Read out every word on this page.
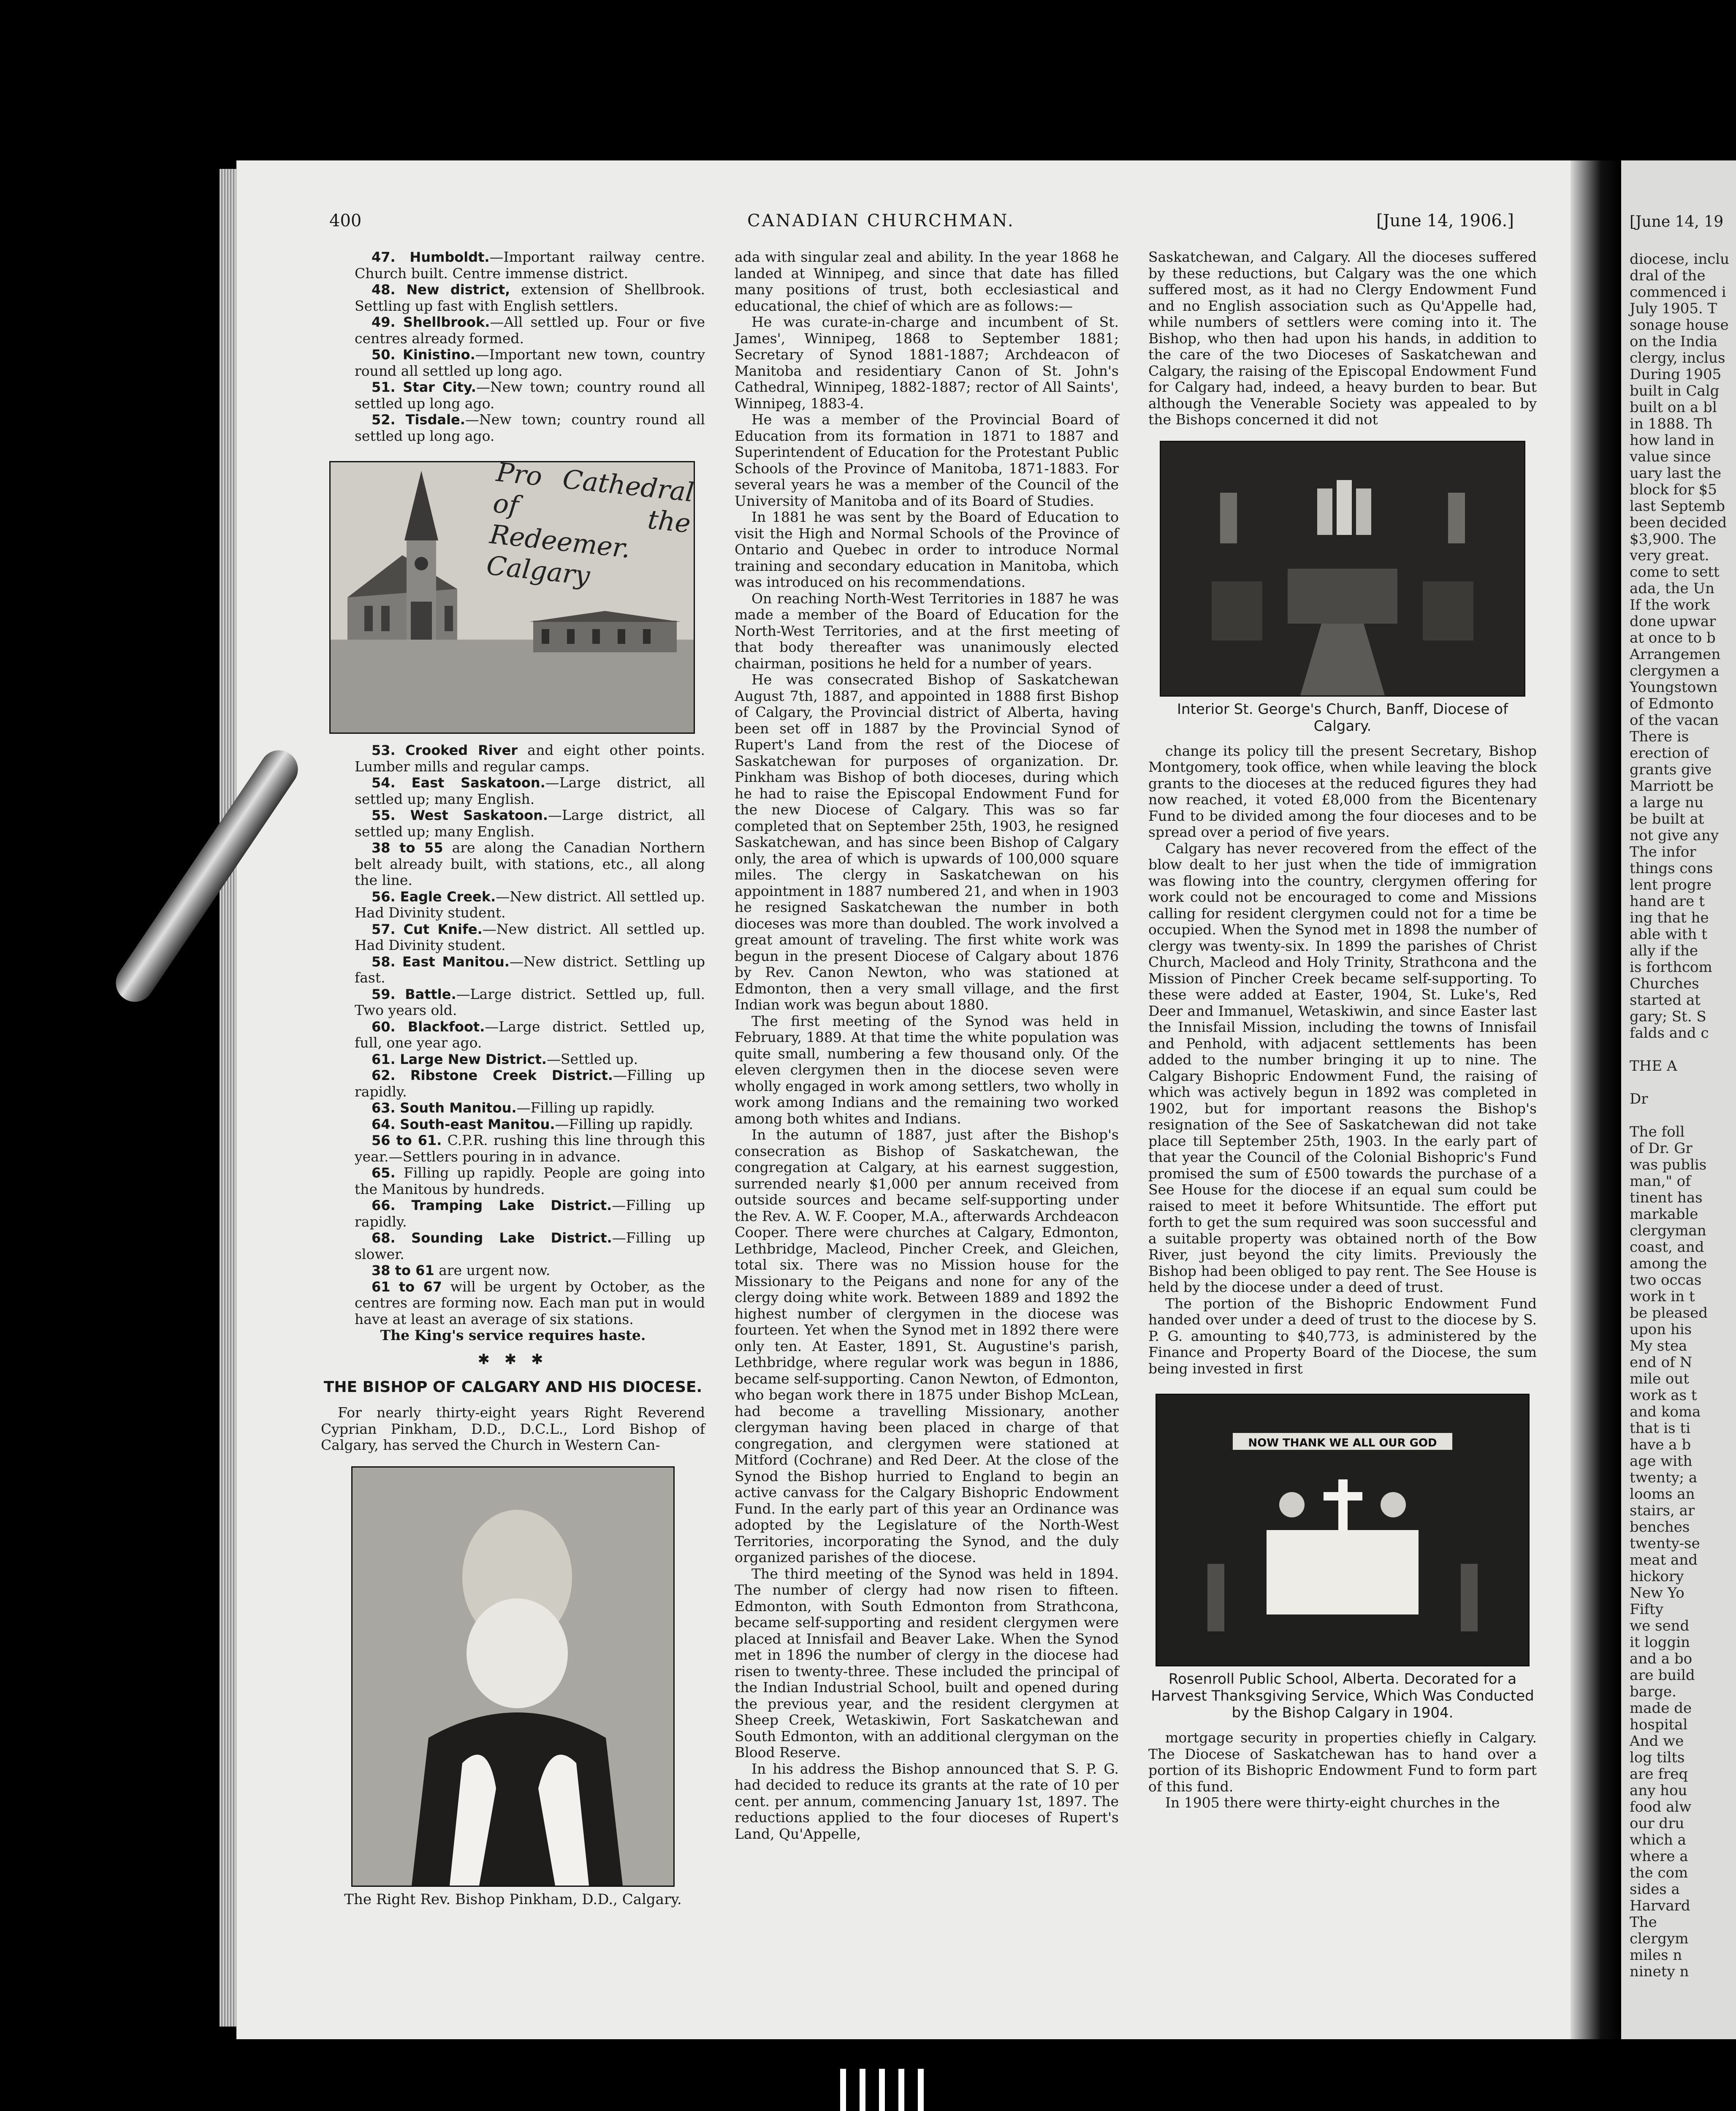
[June 14, 19
diocese, inclu
dral of the
commenced i
July 1905. T
sonage house
on the India
clergy, inclus
During 1905
built in Calg
built on a bl
in 1888. Th
how land in
value since
uary last the
block for $5
last Septemb
been decided
$3,900. The
very great.
come to sett
ada, the Un
If the work
done upwar
at once to b
Arrangemen
clergymen a
Youngstown
of Edmonto
of the vacan
There is
erection of
grants give
Marriott be
a large nu
be built at
not give any
The infor
things cons
lent progre
hand are t
ing that he
able with t
ally if the
is forthcom
Churches
started at
gary; St. S
falds and c

THE A

Dr

The foll
of Dr. Gr
was publis
man," of
tinent has
markable
clergyman
coast, and
among the
two occas
work in t
be pleased
upon his
My stea
end of N
mile out
work as t
and koma
that is ti
have a b
age with
twenty; a
looms an
stairs, ar
benches
twenty-se
meat and
hickory
New Yo
Fifty
we send
it loggin
and a bo
are build
barge.
made de
hospital
And we
log tilts
are freq
any hou
food alw
our dru
which a
where a
the com
sides a
Harvard
The
clergym
miles n
ninety n
400	CANADIAN CHURCHMAN.	[June 14, 1906.]

47. Humboldt.—Important railway centre. Church built. Centre immense district.

48. New district, extension of Shellbrook. Settling up fast with English settlers.

49. Shellbrook.—All settled up. Four or five centres already formed.

50. Kinistino.—Important new town, country round all settled up long ago.

51. Star City.—New town; country round all settled up long ago.

52. Tisdale.—New town; country round all settled up long ago.

Pro Cathedral of the Redeemer. Calgary

53. Crooked River and eight other points. Lumber mills and regular camps.

54. East Saskatoon.—Large district, all settled up; many English.

55. West Saskatoon.—Large district, all settled up; many English.

38 to 55 are along the Canadian Northern belt already built, with stations, etc., all along the line.

56. Eagle Creek.—New district. All settled up. Had Divinity student.

57. Cut Knife.—New district. All settled up. Had Divinity student.

58. East Manitou.—New district. Settling up fast.

59. Battle.—Large district. Settled up, full. Two years old.

60. Blackfoot.—Large district. Settled up, full, one year ago.

61. Large New District.—Settled up.

62. Ribstone Creek District.—Filling up rapidly.

63. South Manitou.—Filling up rapidly.

64. South-east Manitou.—Filling up rapidly.

56 to 61. C.P.R. rushing this line through this year.—Settlers pouring in in advance.

65. Filling up rapidly. People are going into the Manitous by hundreds.

66. Tramping Lake District.—Filling up rapidly.

68. Sounding Lake District.—Filling up slower.

38 to 61 are urgent now.

61 to 67 will be urgent by October, as the centres are forming now. Each man put in would have at least an average of six stations.

The King's service requires haste.
✱ ✱ ✱
THE BISHOP OF CALGARY AND HIS DIOCESE.

For nearly thirty-eight years Right Reverend Cyprian Pinkham, D.D., D.C.L., Lord Bishop of Calgary, has served the Church in Western Can-

The Right Rev. Bishop Pinkham, D.D., Calgary.

ada with singular zeal and ability. In the year 1868 he landed at Winnipeg, and since that date has filled many positions of trust, both ecclesiastical and educational, the chief of which are as follows:—

He was curate-in-charge and incumbent of St. James', Winnipeg, 1868 to September 1881; Secretary of Synod 1881-1887; Archdeacon of Manitoba and residentiary Canon of St. John's Cathedral, Winnipeg, 1882-1887; rector of All Saints', Winnipeg, 1883-4.

He was a member of the Provincial Board of Education from its formation in 1871 to 1887 and Superintendent of Education for the Protestant Public Schools of the Province of Manitoba, 1871-1883. For several years he was a member of the Council of the University of Manitoba and of its Board of Studies.

In 1881 he was sent by the Board of Education to visit the High and Normal Schools of the Province of Ontario and Quebec in order to introduce Normal training and secondary education in Manitoba, which was introduced on his recommendations.

On reaching North-West Territories in 1887 he was made a member of the Board of Education for the North-West Territories, and at the first meeting of that body thereafter was unanimously elected chairman, positions he held for a number of years.

He was consecrated Bishop of Saskatchewan August 7th, 1887, and appointed in 1888 first Bishop of Calgary, the Provincial district of Alberta, having been set off in 1887 by the Provincial Synod of Rupert's Land from the rest of the Diocese of Saskatchewan for purposes of organization. Dr. Pinkham was Bishop of both dioceses, during which he had to raise the Episcopal Endowment Fund for the new Diocese of Calgary. This was so far completed that on September 25th, 1903, he resigned Saskatchewan, and has since been Bishop of Calgary only, the area of which is upwards of 100,000 square miles. The clergy in Saskatchewan on his appointment in 1887 numbered 21, and when in 1903 he resigned Saskatchewan the number in both dioceses was more than doubled. The work involved a great amount of traveling. The first white work was begun in the present Diocese of Calgary about 1876 by Rev. Canon Newton, who was stationed at Edmonton, then a very small village, and the first Indian work was begun about 1880.

The first meeting of the Synod was held in February, 1889. At that time the white population was quite small, numbering a few thousand only. Of the eleven clergymen then in the diocese seven were wholly engaged in work among settlers, two wholly in work among Indians and the remaining two worked among both whites and Indians.

In the autumn of 1887, just after the Bishop's consecration as Bishop of Saskatchewan, the congregation at Calgary, at his earnest suggestion, surrended nearly $1,000 per annum received from outside sources and became self-supporting under the Rev. A. W. F. Cooper, M.A., afterwards Archdeacon Cooper. There were churches at Calgary, Edmonton, Lethbridge, Macleod, Pincher Creek, and Gleichen, total six. There was no Mission house for the Missionary to the Peigans and none for any of the clergy doing white work. Between 1889 and 1892 the highest number of clergymen in the diocese was fourteen. Yet when the Synod met in 1892 there were only ten. At Easter, 1891, St. Augustine's parish, Lethbridge, where regular work was begun in 1886, became self-supporting. Canon Newton, of Edmonton, who began work there in 1875 under Bishop McLean, had become a travelling Missionary, another clergyman having been placed in charge of that congregation, and clergymen were stationed at Mitford (Cochrane) and Red Deer. At the close of the Synod the Bishop hurried to England to begin an active canvass for the Calgary Bishopric Endowment Fund. In the early part of this year an Ordinance was adopted by the Legislature of the North-West Territories, incorporating the Synod, and the duly organized parishes of the diocese.

The third meeting of the Synod was held in 1894. The number of clergy had now risen to fifteen. Edmonton, with South Edmonton from Strathcona, became self-supporting and resident clergymen were placed at Innisfail and Beaver Lake. When the Synod met in 1896 the number of clergy in the diocese had risen to twenty-three. These included the principal of the Indian Industrial School, built and opened during the previous year, and the resident clergymen at Sheep Creek, Wetaskiwin, Fort Saskatchewan and South Edmonton, with an additional clergyman on the Blood Reserve.

In his address the Bishop announced that S. P. G. had decided to reduce its grants at the rate of 10 per cent. per annum, commencing January 1st, 1897. The reductions applied to the four dioceses of Rupert's Land, Qu'Appelle,

Saskatchewan, and Calgary. All the dioceses suffered by these reductions, but Calgary was the one which suffered most, as it had no Clergy Endowment Fund and no English association such as Qu'Appelle had, while numbers of settlers were coming into it. The Bishop, who then had upon his hands, in addition to the care of the two Dioceses of Saskatchewan and Calgary, the raising of the Episcopal Endowment Fund for Calgary had, indeed, a heavy burden to bear. But although the Venerable Society was appealed to by the Bishops concerned it did not

Interior St. George's Church, Banff, Diocese of Calgary.

change its policy till the present Secretary, Bishop Montgomery, took office, when while leaving the block grants to the dioceses at the reduced figures they had now reached, it voted £8,000 from the Bicentenary Fund to be divided among the four dioceses and to be spread over a period of five years.

Calgary has never recovered from the effect of the blow dealt to her just when the tide of immigration was flowing into the country, clergymen offering for work could not be encouraged to come and Missions calling for resident clergymen could not for a time be occupied. When the Synod met in 1898 the number of clergy was twenty-six. In 1899 the parishes of Christ Church, Macleod and Holy Trinity, Strathcona and the Mission of Pincher Creek became self-supporting. To these were added at Easter, 1904, St. Luke's, Red Deer and Immanuel, Wetaskiwin, and since Easter last the Innisfail Mission, including the towns of Innisfail and Penhold, with adjacent settlements has been added to the number bringing it up to nine. The Calgary Bishopric Endowment Fund, the raising of which was actively begun in 1892 was completed in 1902, but for important reasons the Bishop's resignation of the See of Saskatchewan did not take place till September 25th, 1903. In the early part of that year the Council of the Colonial Bishopric's Fund promised the sum of £500 towards the purchase of a See House for the diocese if an equal sum could be raised to meet it before Whitsuntide. The effort put forth to get the sum required was soon successful and a suitable property was obtained north of the Bow River, just beyond the city limits. Previously the Bishop had been obliged to pay rent. The See House is held by the diocese under a deed of trust.

The portion of the Bishopric Endowment Fund handed over under a deed of trust to the diocese by S. P. G. amounting to $40,773, is administered by the Finance and Property Board of the Diocese, the sum being invested in first

NOW THANK WE ALL OUR GOD
Rosenroll Public School, Alberta. Decorated for a Harvest Thanksgiving Service, Which Was Conducted by the Bishop Calgary in 1904.

mortgage security in properties chiefly in Calgary. The Diocese of Saskatchewan has to hand over a portion of its Bishopric Endowment Fund to form part of this fund.

In 1905 there were thirty-eight churches in the
